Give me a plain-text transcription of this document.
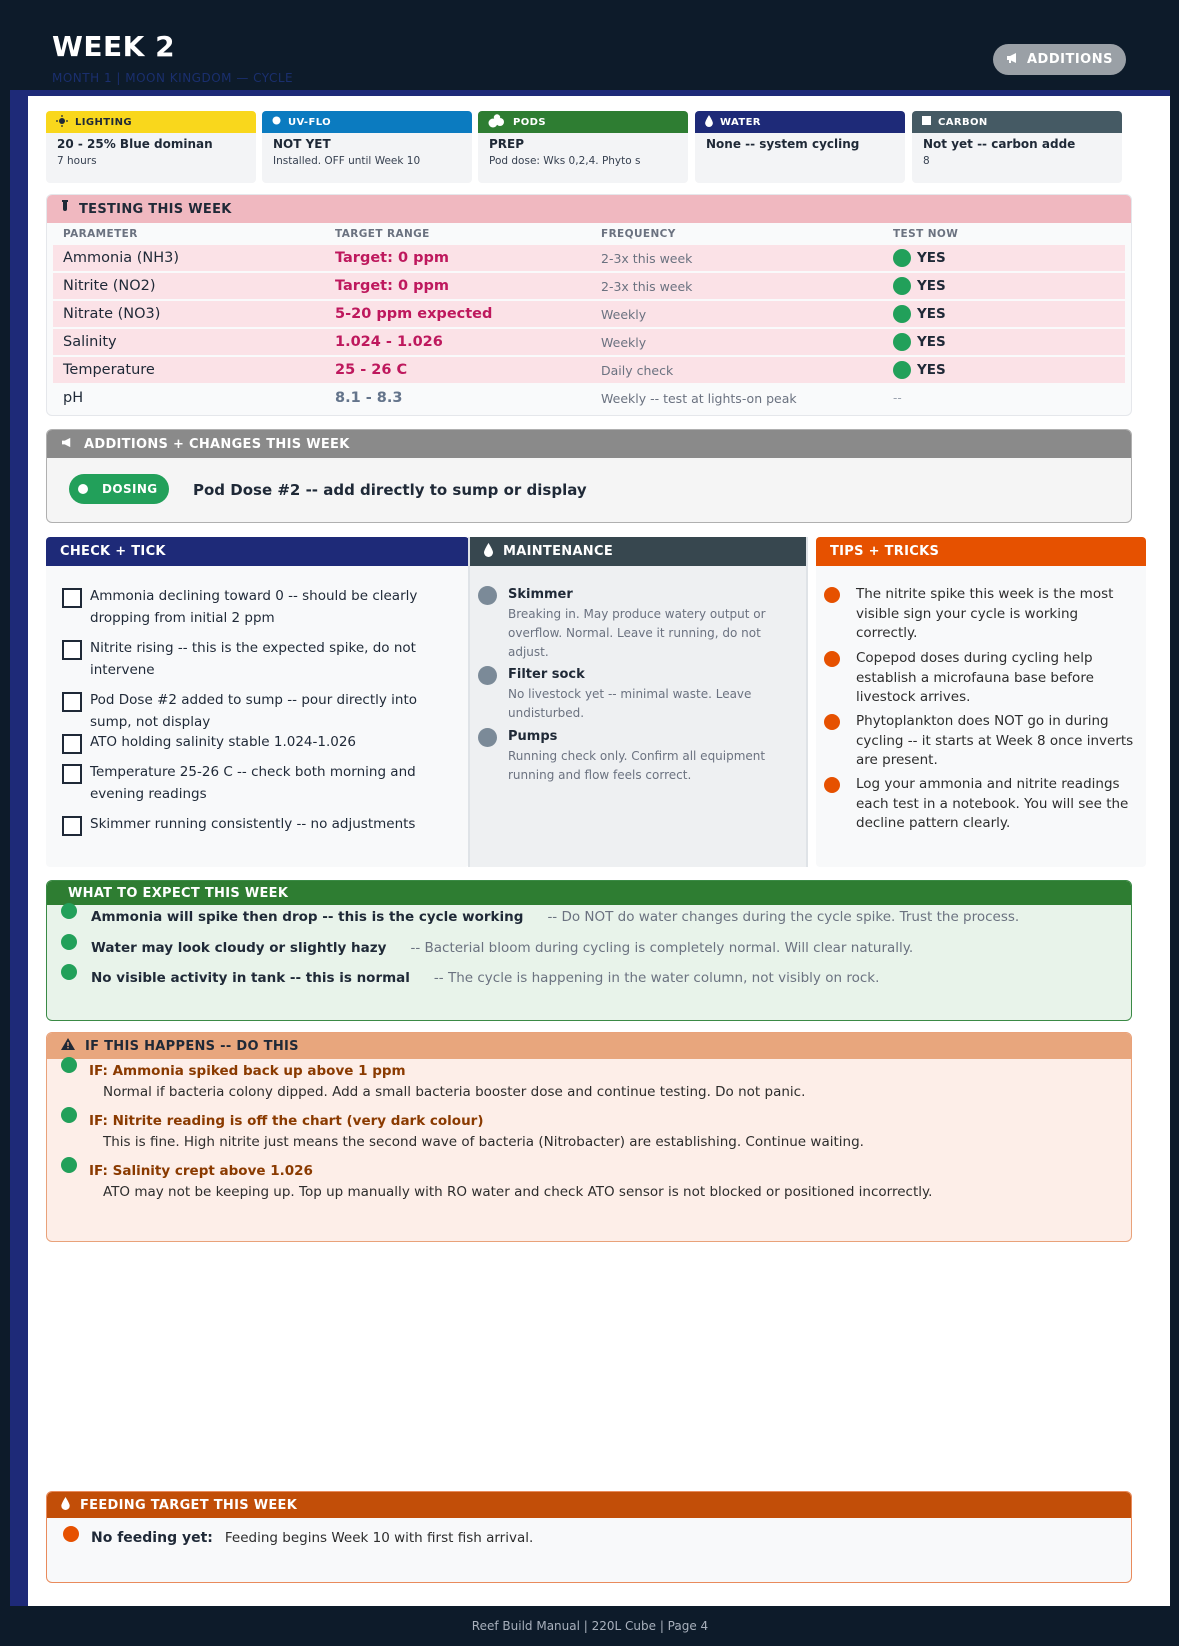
WEEK 2
MONTH 1 | MOON KINGDOM — CYCLE
ADDITIONS
LIGHTING
20 - 25% Blue dominan
7 hours
UV-FLO
NOT YET
Installed. OFF until Week 10
PODS
PREP
Pod dose: Wks 0,2,4. Phyto s
WATER
None -- system cycling
CARBON
Not yet -- carbon adde
8
TESTING THIS WEEK
PARAMETER	TARGET RANGE	FREQUENCY	TEST NOW
Ammonia (NH3)	Target: 0 ppm	2-3x this week	YES
Nitrite (NO2)	Target: 0 ppm	2-3x this week	YES
Nitrate (NO3)	5-20 ppm expected	Weekly	YES
Salinity	1.024 - 1.026	Weekly	YES
Temperature	25 - 26 C	Daily check	YES
pH	8.1 - 8.3	Weekly -- test at lights-on peak	--
ADDITIONS + CHANGES THIS WEEK
DOSING Pod Dose #2 -- add directly to sump or display
CHECK + TICK
Ammonia declining toward 0 -- should be clearly dropping from initial 2 ppm
Nitrite rising -- this is the expected spike, do not intervene
Pod Dose #2 added to sump -- pour directly into sump, not display
ATO holding salinity stable 1.024-1.026
Temperature 25-26 C -- check both morning and evening readings
Skimmer running consistently -- no adjustments
MAINTENANCE
Skimmer
Breaking in. May produce watery output or overflow. Normal. Leave it running, do not adjust.
Filter sock
No livestock yet -- minimal waste. Leave undisturbed.
Pumps
Running check only. Confirm all equipment running and flow feels correct.
TIPS + TRICKS
The nitrite spike this week is the most visible sign your cycle is working correctly.
Copepod doses during cycling help establish a microfauna base before livestock arrives.
Phytoplankton does NOT go in during cycling -- it starts at Week 8 once inverts are present.
Log your ammonia and nitrite readings each test in a notebook. You will see the decline pattern clearly.
WHAT TO EXPECT THIS WEEK
Ammonia will spike then drop -- this is the cycle working -- Do NOT do water changes during the cycle spike. Trust the process.
Water may look cloudy or slightly hazy -- Bacterial bloom during cycling is completely normal. Will clear naturally.
No visible activity in tank -- this is normal -- The cycle is happening in the water column, not visibly on rock.
IF THIS HAPPENS -- DO THIS
IF: Ammonia spiked back up above 1 ppm
Normal if bacteria colony dipped. Add a small bacteria booster dose and continue testing. Do not panic.
IF: Nitrite reading is off the chart (very dark colour)
This is fine. High nitrite just means the second wave of bacteria (Nitrobacter) are establishing. Continue waiting.
IF: Salinity crept above 1.026
ATO may not be keeping up. Top up manually with RO water and check ATO sensor is not blocked or positioned incorrectly.
FEEDING TARGET THIS WEEK
No feeding yet: Feeding begins Week 10 with first fish arrival.
Reef Build Manual | 220L Cube | Page 4
